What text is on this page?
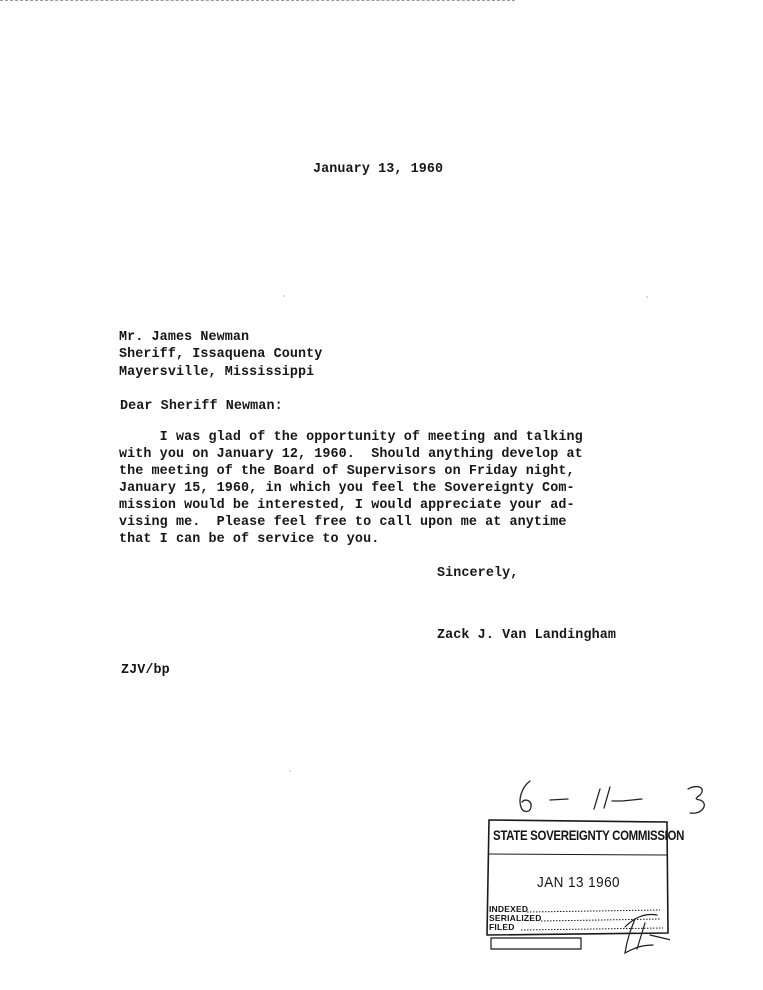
January 13, 1960
Mr. James Newman
Sheriff, Issaquena County
Mayersville, Mississippi
Dear Sheriff Newman:
I was glad of the opportunity of meeting and talking
with you on January 12, 1960.  Should anything develop at
the meeting of the Board of Supervisors on Friday night,
January 15, 1960, in which you feel the Sovereignty Com-
mission would be interested, I would appreciate your ad-
vising me.  Please feel free to call upon me at anytime
that I can be of service to you.
Sincerely,
Zack J. Van Landingham
ZJV/bp
STATE SOVEREIGNTY COMMISSION
JAN 13 1960
INDEXED
SERIALIZED
FILED
